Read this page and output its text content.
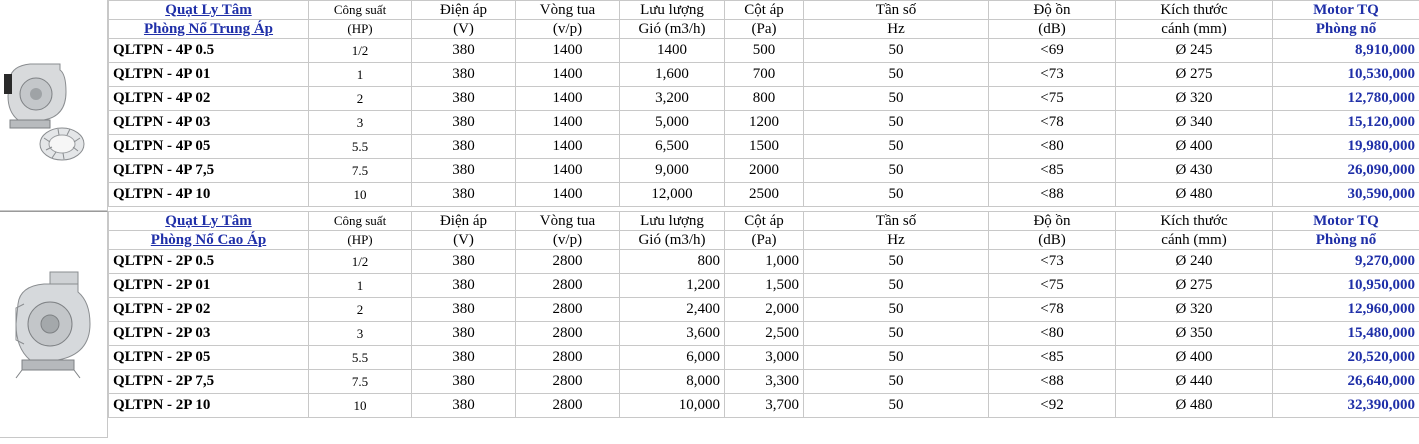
Quạt Ly Tâm	Công suất	Điện áp	Vòng tua	Lưu lượng	Cột áp	Tần số	Độ ồn	Kích thước	Motor TQ
Phòng Nổ Trung Áp	(HP)	(V)	(v/p)	Gió (m3/h)	(Pa)	Hz	(dB)	cánh (mm)	Phòng nổ
QLTPN - 4P 0.5	1/2	380	1400	1400	500	50	<69	Ø 245	8,910,000
QLTPN - 4P 01	1	380	1400	1,600	700	50	<73	Ø 275	10,530,000
QLTPN - 4P 02	2	380	1400	3,200	800	50	<75	Ø 320	12,780,000
QLTPN - 4P 03	3	380	1400	5,000	1200	50	<78	Ø 340	15,120,000
QLTPN - 4P 05	5.5	380	1400	6,500	1500	50	<80	Ø 400	19,980,000
QLTPN - 4P 7,5	7.5	380	1400	9,000	2000	50	<85	Ø 430	26,090,000
QLTPN - 4P 10	10	380	1400	12,000	2500	50	<88	Ø 480	30,590,000
Quạt Ly Tâm	Công suất	Điện áp	Vòng tua	Lưu lượng	Cột áp	Tần số	Độ ồn	Kích thước	Motor TQ
Phòng Nổ Cao Áp	(HP)	(V)	(v/p)	Gió (m3/h)	(Pa)	Hz	(dB)	cánh (mm)	Phòng nổ
QLTPN - 2P 0.5	1/2	380	2800	800	1,000	50	<73	Ø 240	9,270,000
QLTPN - 2P 01	1	380	2800	1,200	1,500	50	<75	Ø 275	10,950,000
QLTPN - 2P 02	2	380	2800	2,400	2,000	50	<78	Ø 320	12,960,000
QLTPN - 2P 03	3	380	2800	3,600	2,500	50	<80	Ø 350	15,480,000
QLTPN - 2P 05	5.5	380	2800	6,000	3,000	50	<85	Ø 400	20,520,000
QLTPN - 2P 7,5	7.5	380	2800	8,000	3,300	50	<88	Ø 440	26,640,000
QLTPN - 2P 10	10	380	2800	10,000	3,700	50	<92	Ø 480	32,390,000
